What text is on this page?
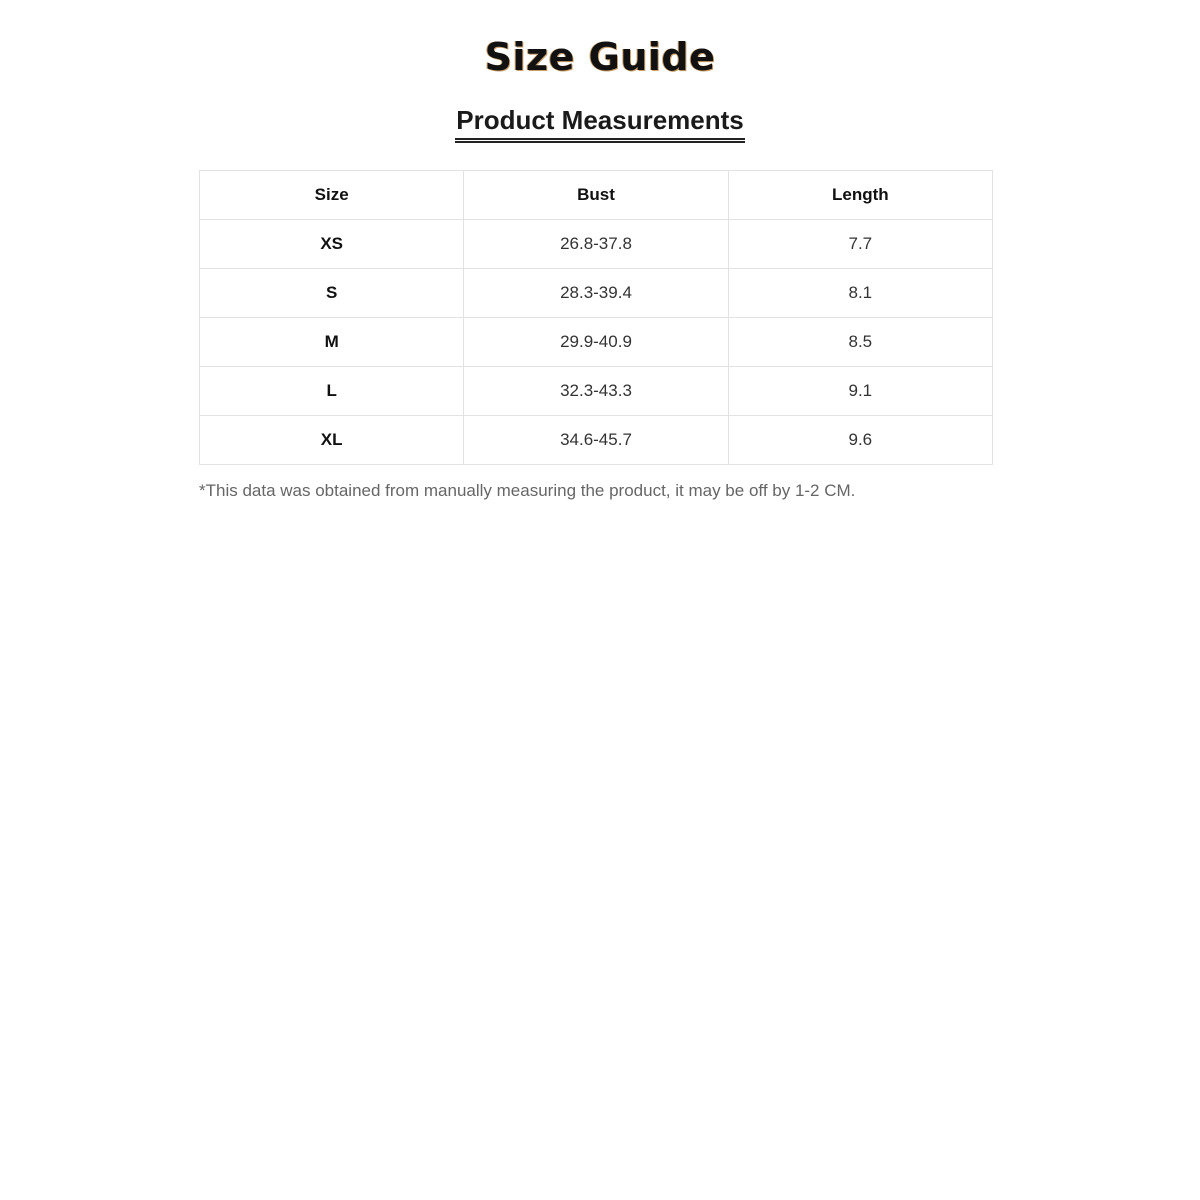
Size Guide
Product Measurements
Size	Bust	Length
XS	26.8-37.8	7.7
S	28.3-39.4	8.1
M	29.9-40.9	8.5
L	32.3-43.3	9.1
XL	34.6-45.7	9.6

*This data was obtained from manually measuring the product, it may be off by 1-2 CM.
